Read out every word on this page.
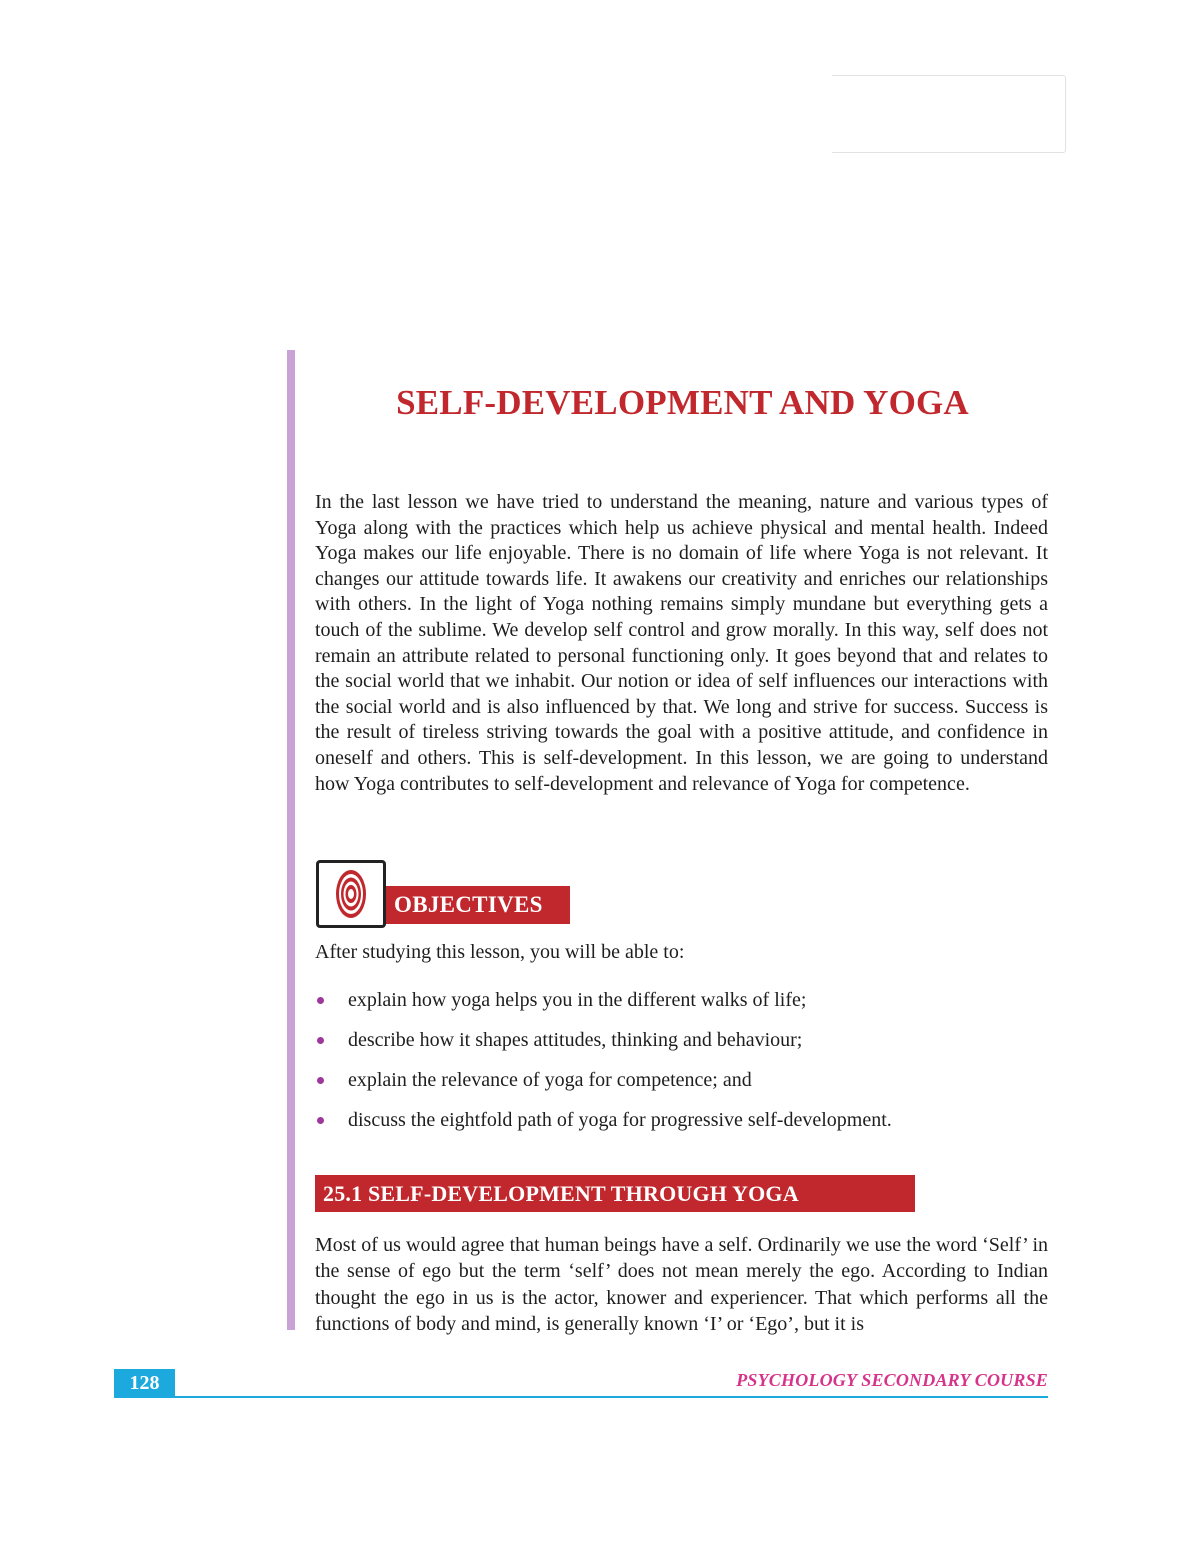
SELF-DEVELOPMENT AND YOGA

In the last lesson we have tried to understand the meaning, nature and various types of Yoga along with the practices which help us achieve physical and mental health. Indeed Yoga makes our life enjoyable. There is no domain of life where Yoga is not relevant. It changes our attitude towards life. It awakens our creativity and enriches our relationships with others. In the light of Yoga nothing remains simply mundane but everything gets a touch of the sublime. We develop self control and grow morally. In this way, self does not remain an attribute related to personal functioning only. It goes beyond that and relates to the social world that we inhabit. Our notion or idea of self influences our interactions with the social world and is also influenced by that. We long and strive for success. Success is the result of tireless striving towards the goal with a positive attitude, and confidence in oneself and others. This is self-development. In this lesson, we are going to understand how Yoga contributes to self-development and relevance of Yoga for competence.

OBJECTIVES

After studying this lesson, you will be able to:

explain how yoga helps you in the different walks of life;
describe how it shapes attitudes, thinking and behaviour;
explain the relevance of yoga for competence; and
discuss the eightfold path of yoga for progressive self-development.
25.1 SELF-DEVELOPMENT THROUGH YOGA

Most of us would agree that human beings have a self. Ordinarily we use the word ‘Self’ in the sense of ego but the term ‘self’ does not mean merely the ego. According to Indian thought the ego in us is the actor, knower and experiencer. That which performs all the functions of body and mind, is generally known ‘I’ or ‘Ego’, but it is

128	PSYCHOLOGY SECONDARY COURSE
